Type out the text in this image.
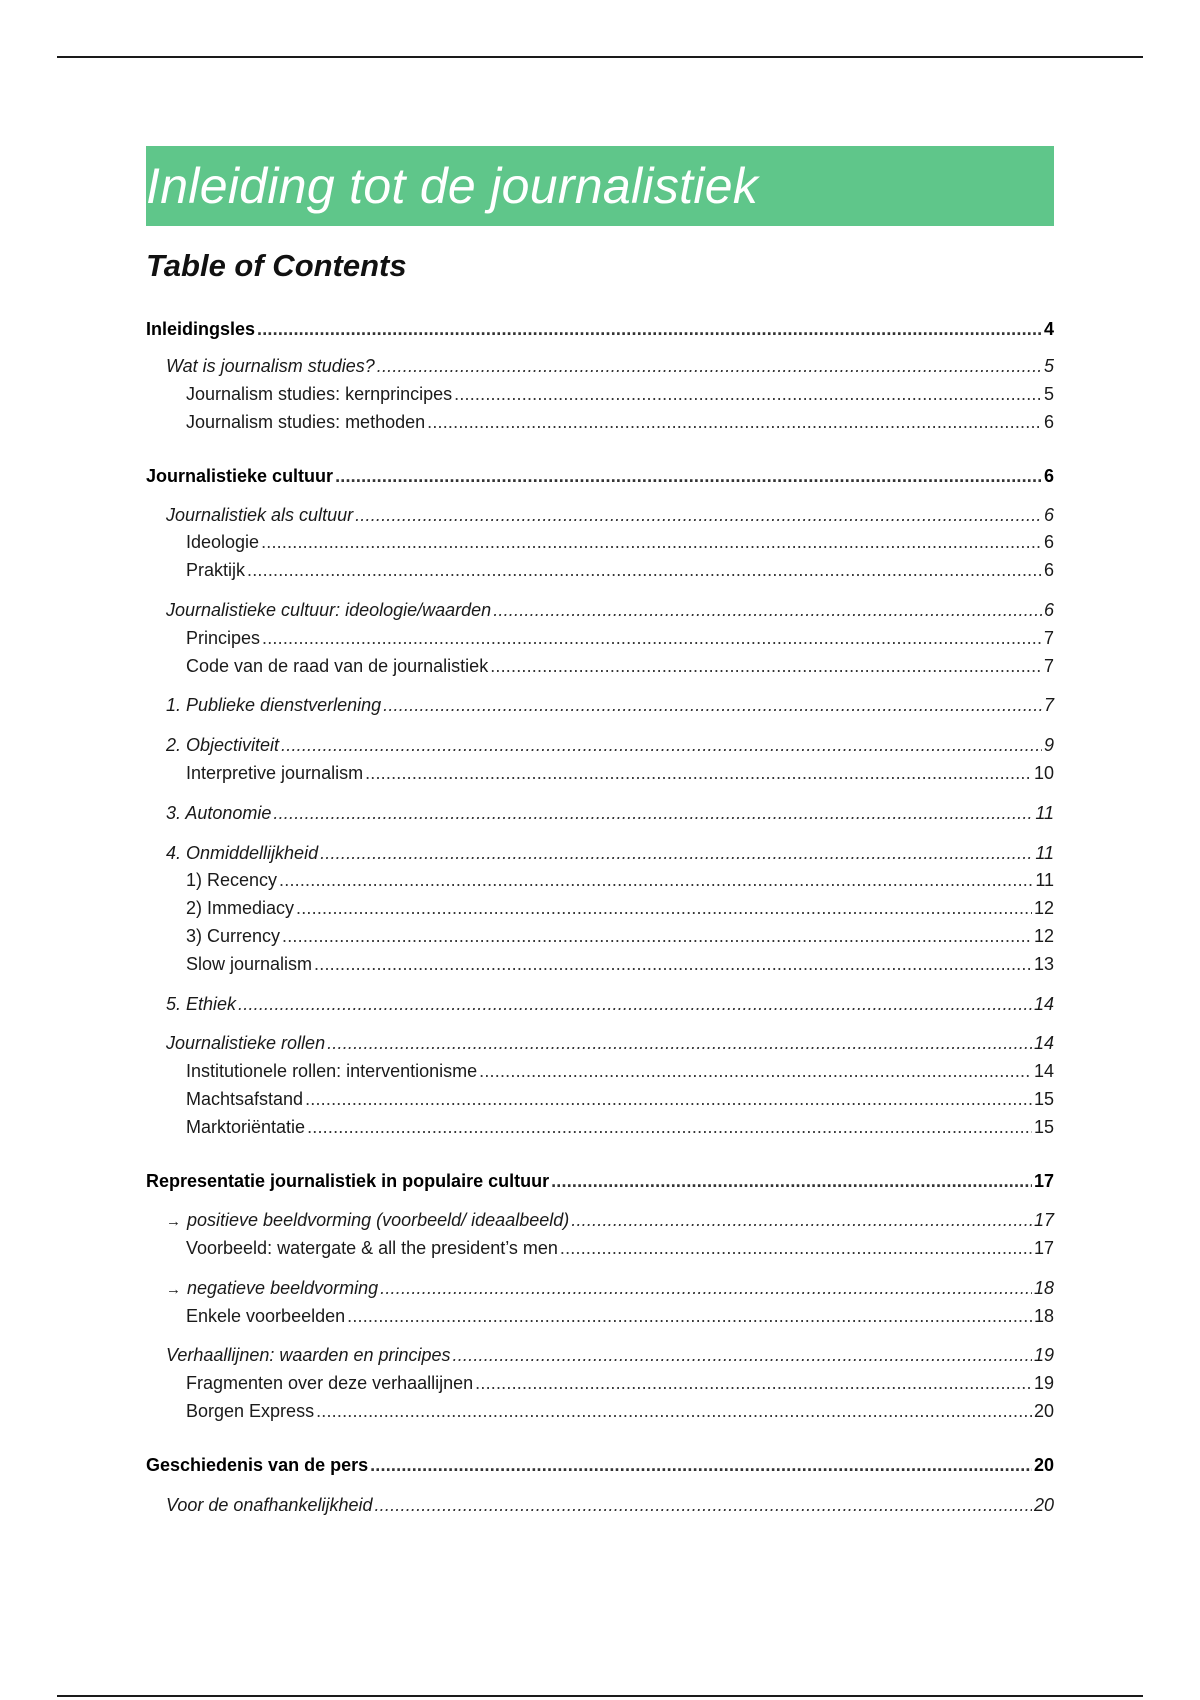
Inleiding tot de journalistiek
Table of Contents
Inleidingsles .....	4
Wat is journalism studies? .....	5
Journalism studies: kernprincipes .....	5
Journalism studies: methoden .....	6
Journalistieke cultuur .....	6
Journalistiek als cultuur .....	6
Ideologie .....	6
Praktijk .....	6
Journalistieke cultuur: ideologie/waarden .....	6
Principes .....	7
Code van de raad van de journalistiek .....	7
1. Publieke dienstverlening .....	7
2. Objectiviteit .....	9
Interpretive journalism .....	10
3. Autonomie .....	11
4. Onmiddellijkheid .....	11
1) Recency .....	11
2) Immediacy .....	12
3) Currency .....	12
Slow journalism .....	13
5. Ethiek .....	14
Journalistieke rollen .....	14
Institutionele rollen: interventionisme .....	14
Machtsafstand .....	15
Marktoriëntatie .....	15
Representatie journalistiek in populaire cultuur .....	17
→ positieve beeldvorming (voorbeeld/ ideaalbeeld) .....	17
Voorbeeld: watergate & all the president’s men .....	17
→ negatieve beeldvorming .....	18
Enkele voorbeelden .....	18
Verhaallijnen: waarden en principes .....	19
Fragmenten over deze verhaallijnen .....	19
Borgen Express .....	20
Geschiedenis van de pers .....	20
Voor de onafhankelijkheid .....	20
